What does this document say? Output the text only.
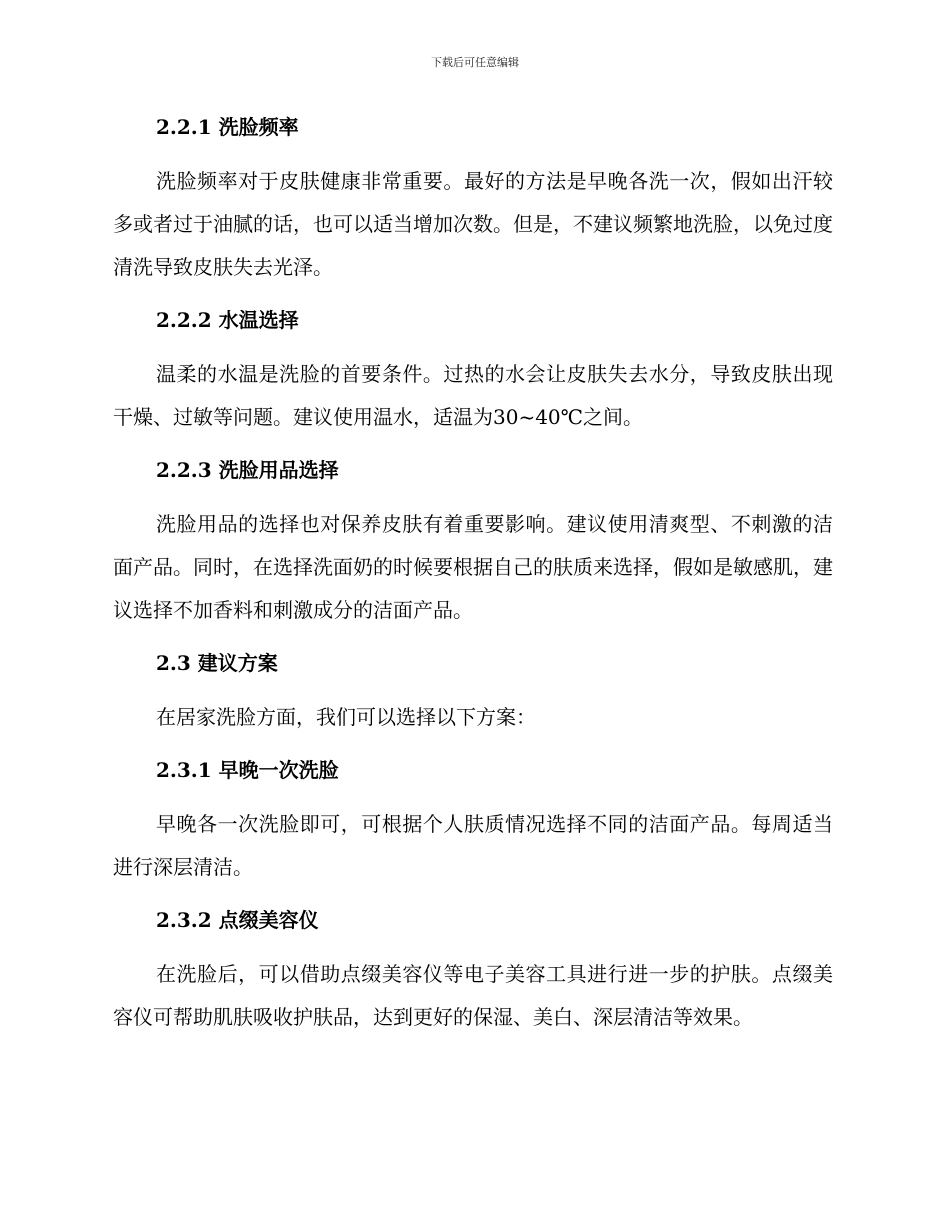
下载后可任意编辑

2.2.1 洗脸频率

洗脸频率对于皮肤健康非常重要。最好的方法是早晚各洗一次，假如出汗较多或者过于油腻的话，也可以适当增加次数。但是，不建议频繁地洗脸，以免过度清洗导致皮肤失去光泽。

2.2.2 水温选择

温柔的水温是洗脸的首要条件。过热的水会让皮肤失去水分，导致皮肤出现干燥、过敏等问题。建议使用温水，适温为30~40℃之间。

2.2.3 洗脸用品选择

洗脸用品的选择也对保养皮肤有着重要影响。建议使用清爽型、不刺激的洁面产品。同时，在选择洗面奶的时候要根据自己的肤质来选择，假如是敏感肌，建议选择不加香料和刺激成分的洁面产品。

2.3 建议方案

在居家洗脸方面，我们可以选择以下方案：

2.3.1 早晚一次洗脸

早晚各一次洗脸即可，可根据个人肤质情况选择不同的洁面产品。每周适当进行深层清洁。

2.3.2 点缀美容仪

在洗脸后，可以借助点缀美容仪等电子美容工具进行进一步的护肤。点缀美容仪可帮助肌肤吸收护肤品，达到更好的保湿、美白、深层清洁等效果。
